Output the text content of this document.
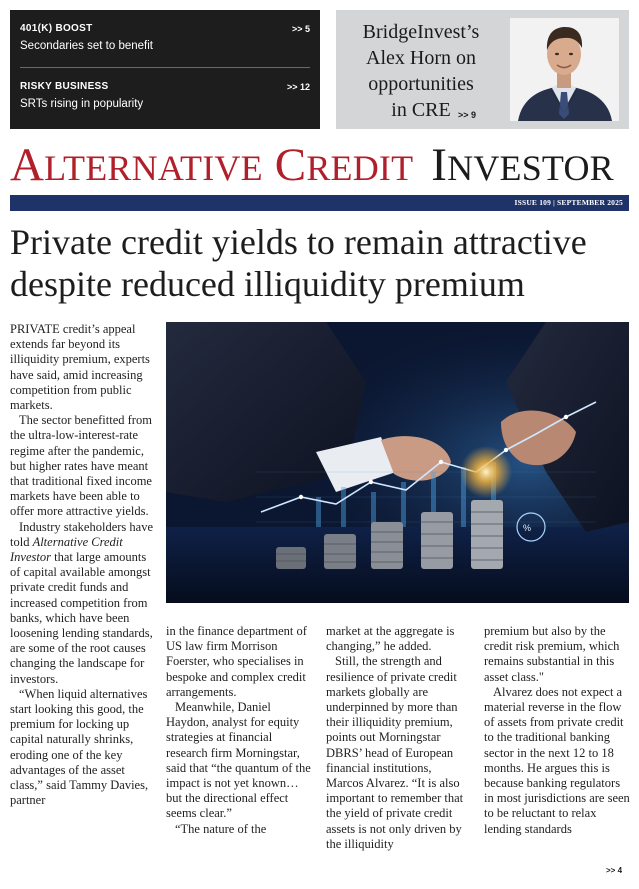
401(K) BOOST
Secondaries set to benefit
>> 5
RISKY BUSINESS
SRTs rising in popularity
>> 12
BridgeInvest’s
Alex Horn on
opportunities
in CRE >> 9
ALTERNATIVE CREDIT INVESTOR
ISSUE 109 | SEPTEMBER 2025
Private credit yields to remain attractive
despite reduced illiquidity premium
%

PRIVATE credit’s appeal extends far beyond its illiquidity premium, experts have said, amid increasing competition from public markets.

The sector benefitted from the ultra-low-interest-rate regime after the pandemic, but higher rates have meant that traditional fixed income markets have been able to offer more attractive yields.

Industry stakeholders have told Alternative Credit Investor that large amounts of capital available amongst private credit funds and increased competition from banks, which have been loosening lending standards, are some of the root causes changing the landscape for investors.

“When liquid alternatives start looking this good, the premium for locking up capital naturally shrinks, eroding one of the key advantages of the asset class,” said Tammy Davies, partner

in the finance department of US law firm Morrison Foerster, who specialises in bespoke and complex credit arrangements.

Meanwhile, Daniel Haydon, analyst for equity strategies at financial research firm Morningstar, said that “the quantum of the impact is not yet known… but the directional effect seems clear.”

“The nature of the

market at the aggregate is changing,” he added.

Still, the strength and resilience of private credit markets globally are underpinned by more than their illiquidity premium, points out Morningstar DBRS’ head of European financial institutions, Marcos Alvarez. “It is also important to remember that the yield of private credit assets is not only driven by the illiquidity

premium but also by the credit risk premium, which remains substantial in this asset class."

Alvarez does not expect a material reverse in the flow of assets from private credit to the traditional banking sector in the next 12 to 18 months. He argues this is because banking regulators in most jurisdictions are seen to be reluctant to relax lending standards

>> 4
